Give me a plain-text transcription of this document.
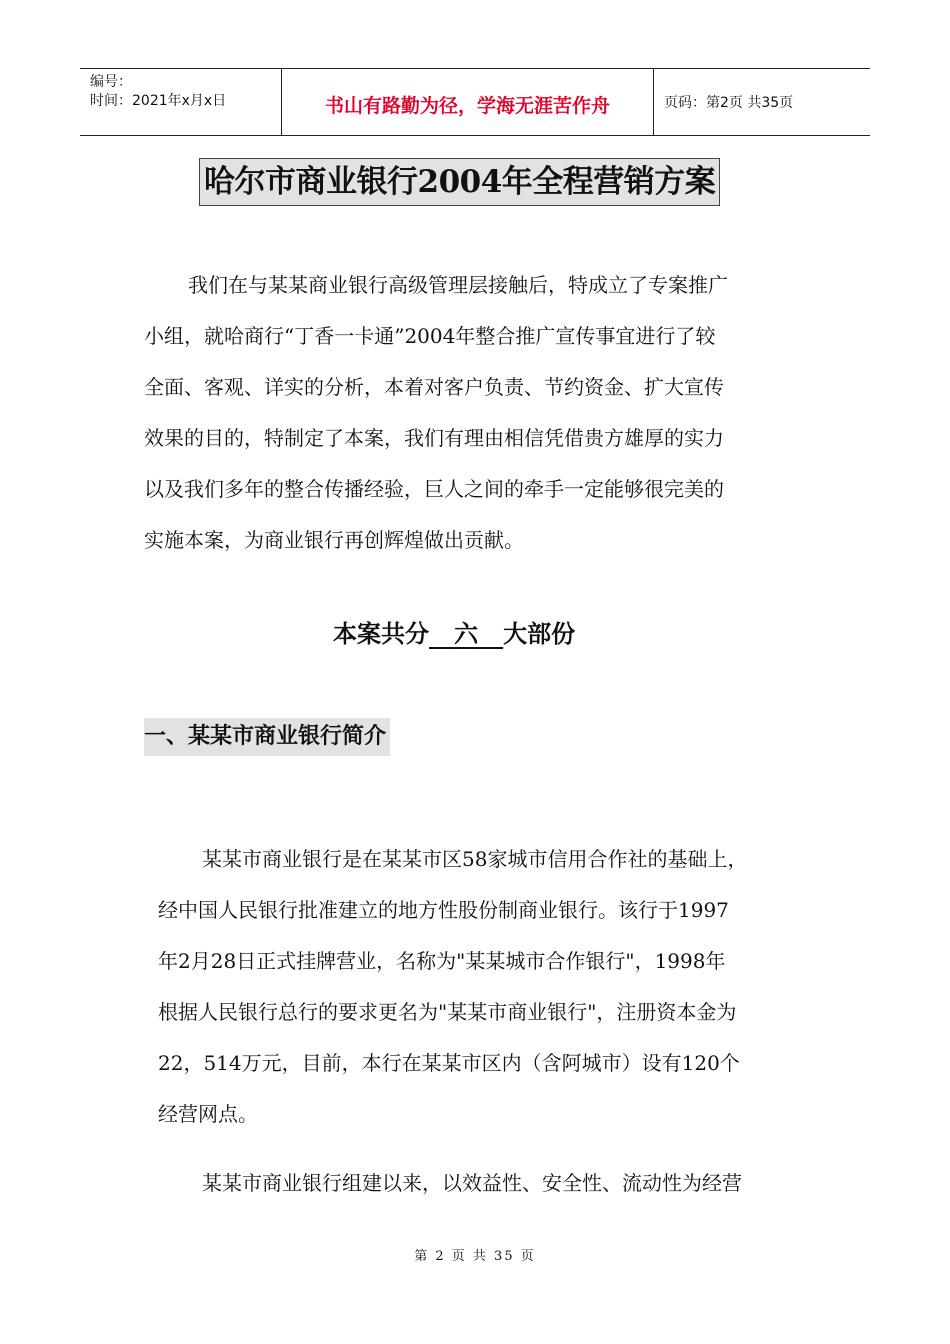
编号：
时间：2021年x月x日	书山有路勤为径，学海无涯苦作舟	页码：第2页 共35页
哈尔市商业银行2004年全程营销方案
我们在与某某商业银行高级管理层接触后，特成立了专案推广
小组，就哈商行“丁香一卡通”2004年整合推广宣传事宜进行了较
全面、客观、详实的分析，本着对客户负责、节约资金、扩大宣传
效果的目的，特制定了本案，我们有理由相信凭借贵方雄厚的实力
以及我们多年的整合传播经验，巨人之间的牵手一定能够很完美的
实施本案，为商业银行再创辉煌做出贡献。
本案共分 六 大部份
一、某某市商业银行简介
某某市商业银行是在某某市区58家城市信用合作社的基础上，
经中国人民银行批准建立的地方性股份制商业银行。该行于1997
年2月28日正式挂牌营业，名称为"某某城市合作银行"，1998年
根据人民银行总行的要求更名为"某某市商业银行"，注册资本金为
22，514万元，目前，本行在某某市区内（含阿城市）设有120个
经营网点。
某某市商业银行组建以来，以效益性、安全性、流动性为经营
第 2 页 共 35 页
